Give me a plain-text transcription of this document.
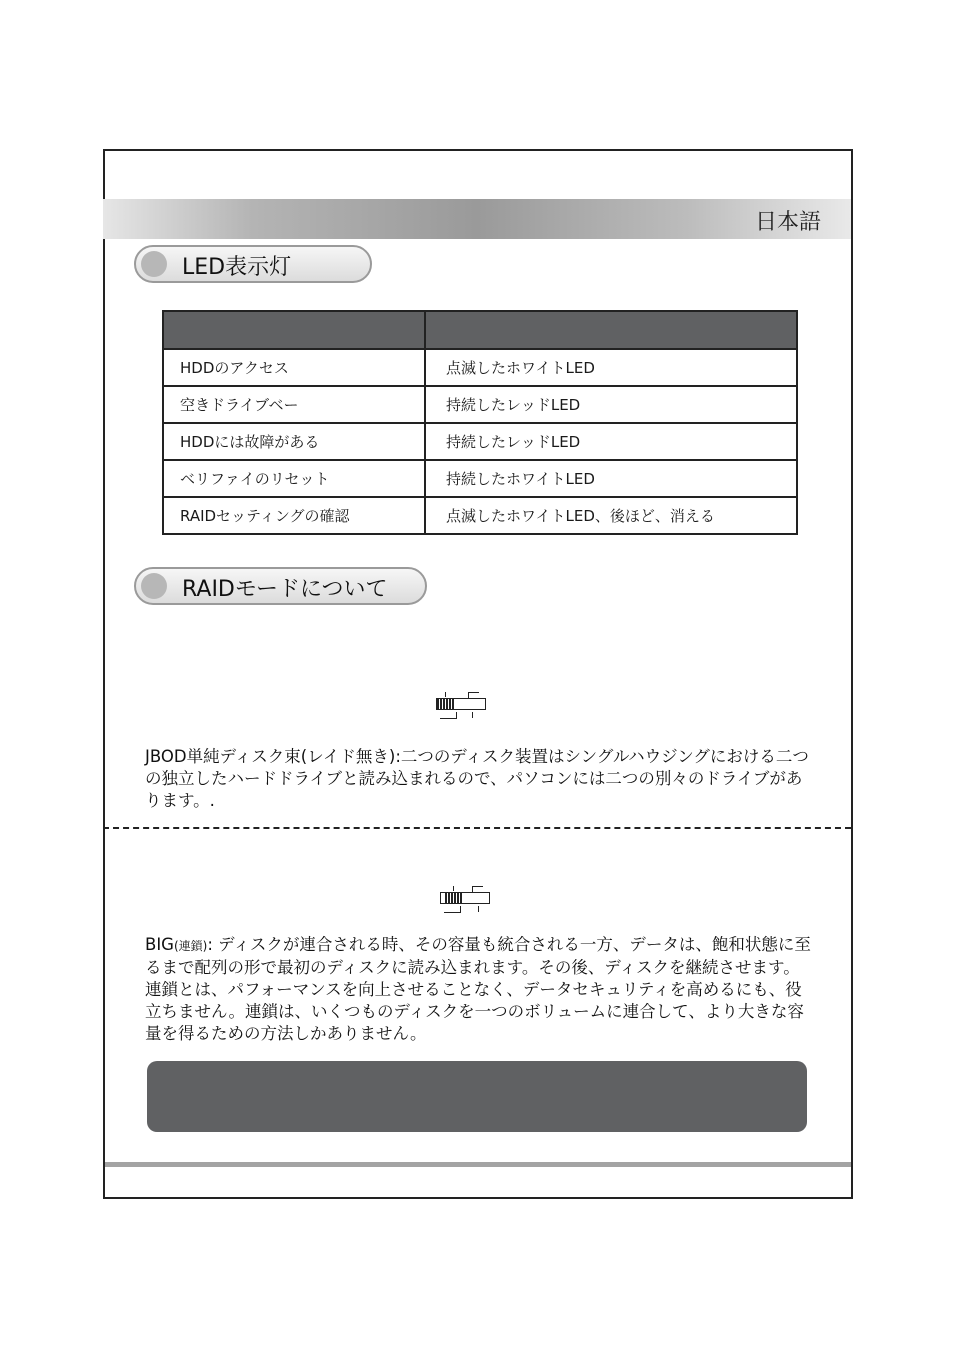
日本語
LED表示灯

HDDのアクセス	点滅したホワイトLED
空きドライブベー	持続したレッドLED
HDDには故障がある	持続したレッドLED
ベリファイのリセット	持続したホワイトLED
RAIDセッティングの確認	点滅したホワイトLED、後ほど、消える
RAIDモードについて
JBOD単純ディスク束(レイド無き):二つのディスク装置はシングルハウジングにおける二つの独立したハードドライブと読み込まれるので、パソコンには二つの別々のドライブがあります。.
BIG(連鎖): ディスクが連合される時、その容量も統合される一方、データは、飽和状態に至るまで配列の形で最初のディスクに読み込まれます。その後、ディスクを継続させます。連鎖とは、パフォーマンスを向上させることなく、データセキュリティを高めるにも、役立ちません。連鎖は、いくつものディスクを一つのボリュームに連合して、より大きな容量を得るための方法しかありません。
